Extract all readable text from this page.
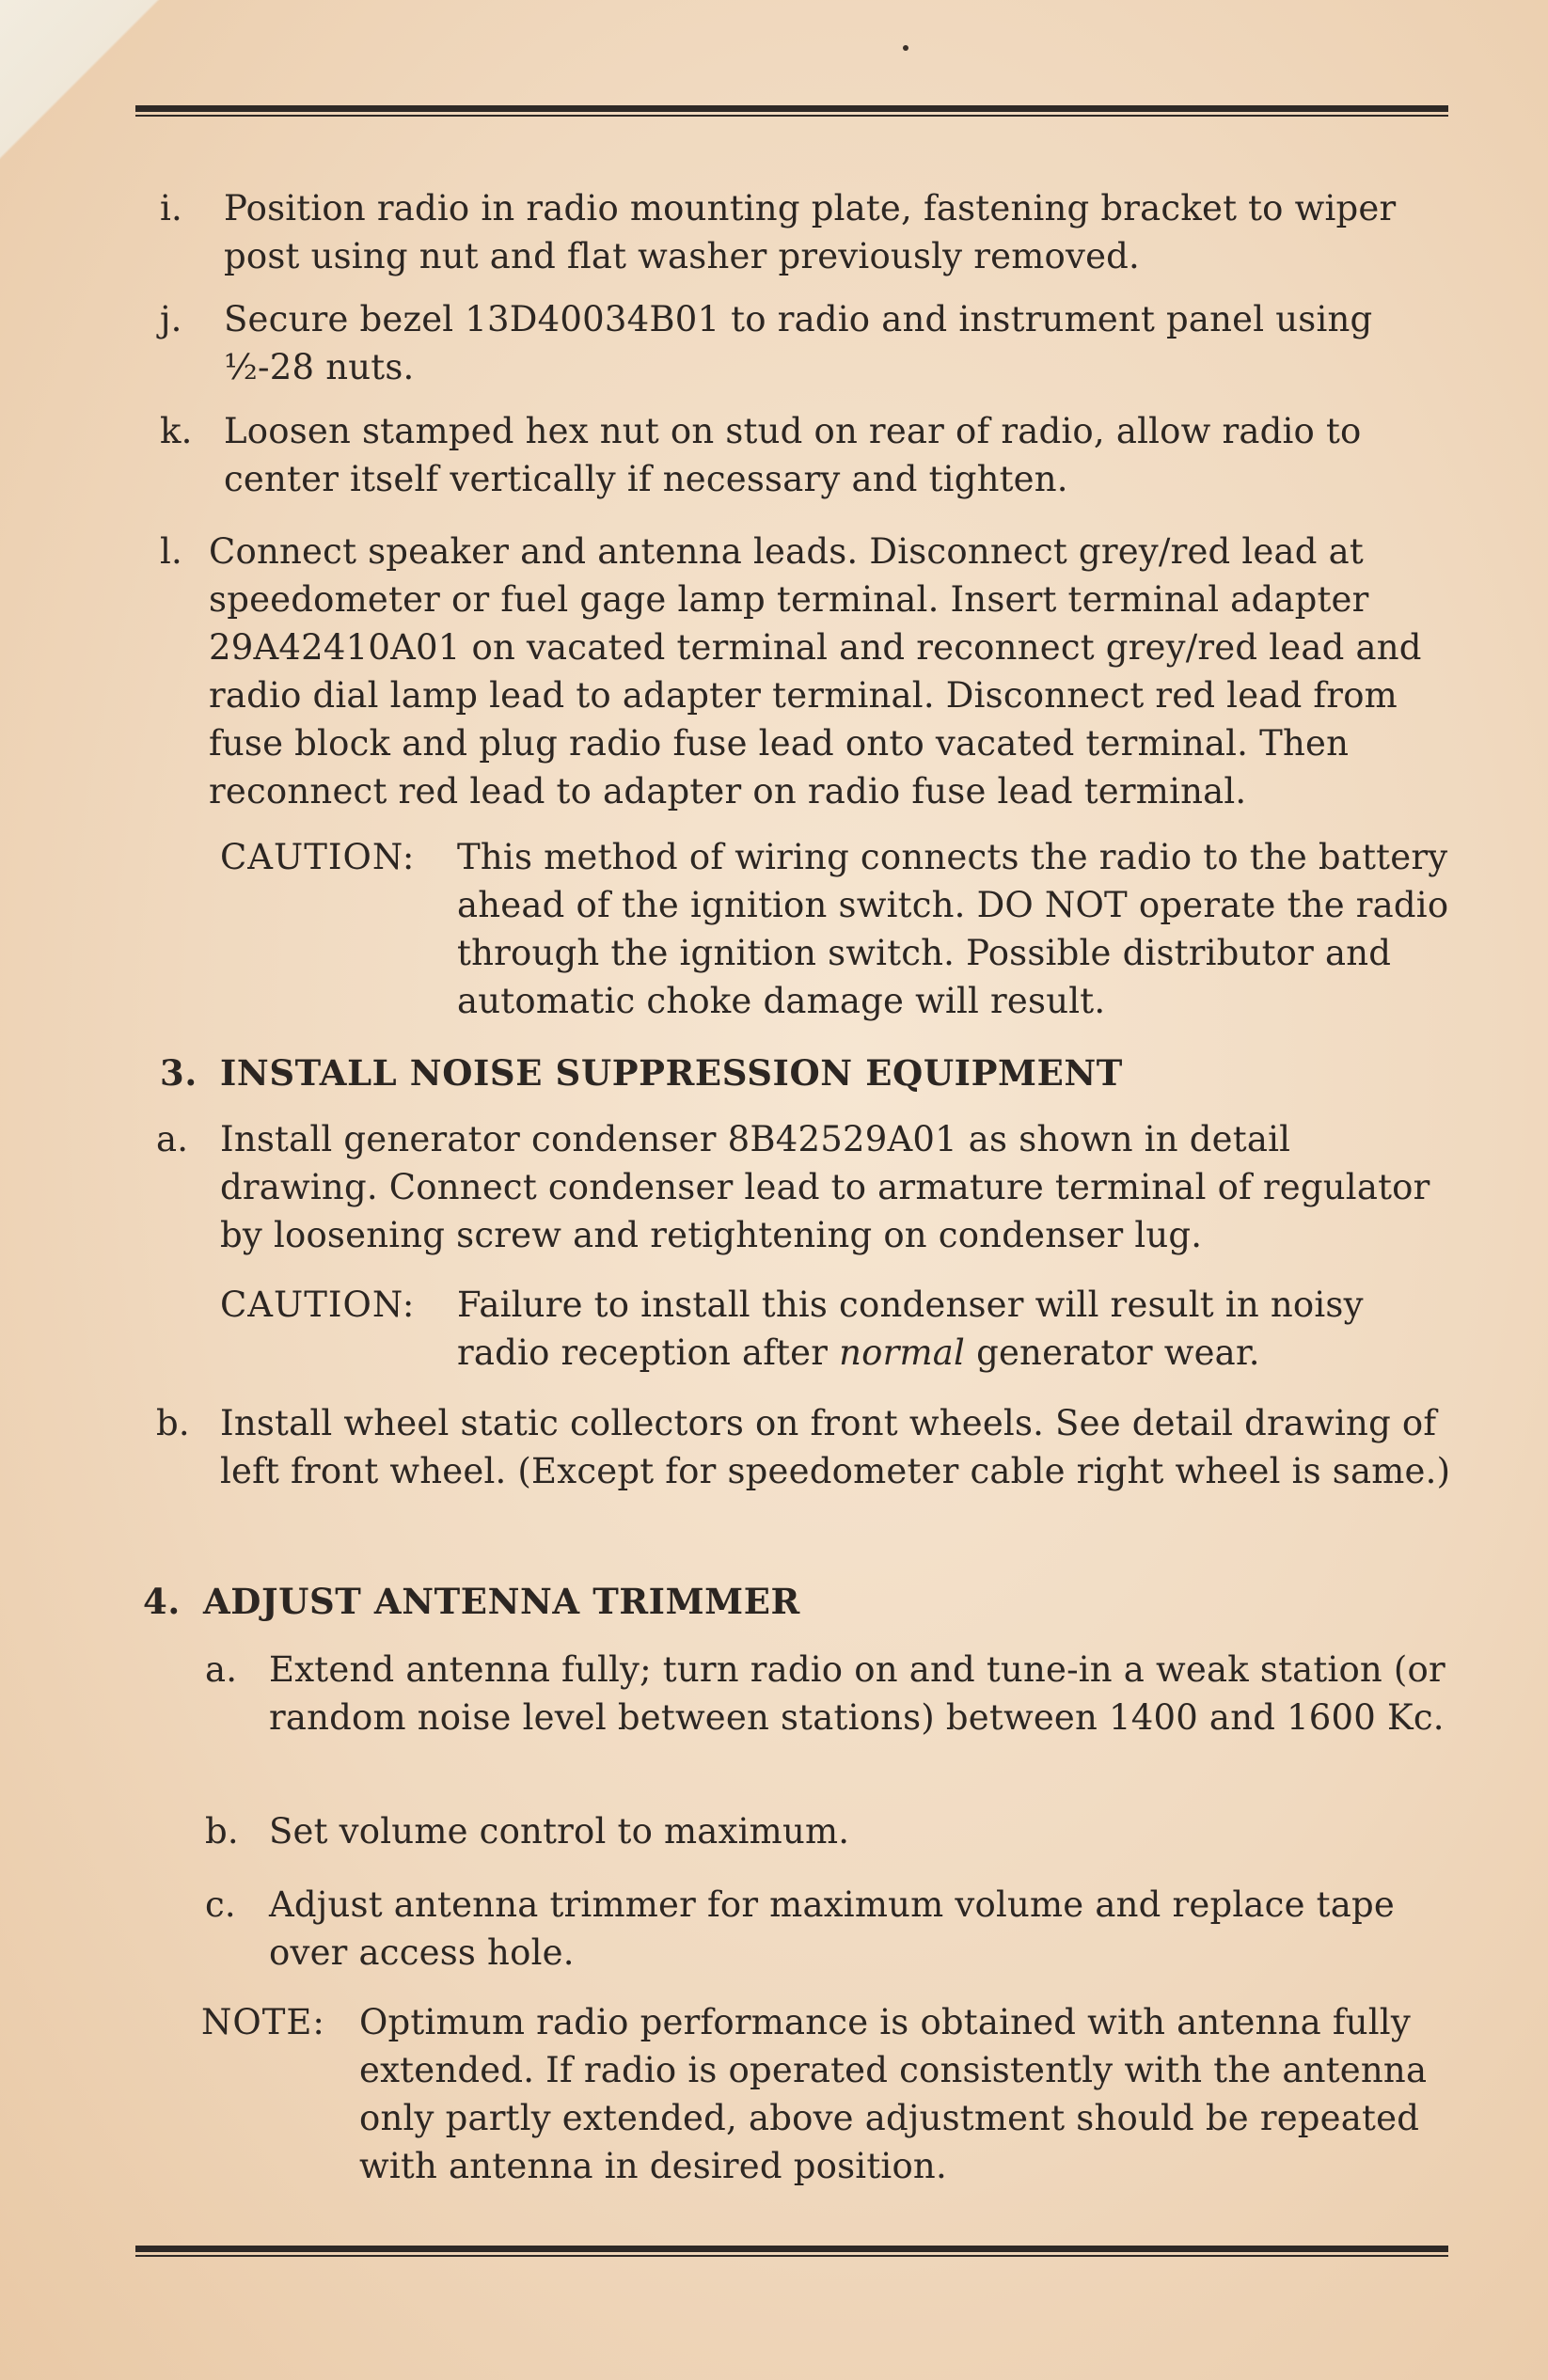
i. Position radio in radio mounting plate, fastening bracket to wiper post using nut and flat washer previously removed.

j. Secure bezel 13D40034B01 to radio and instrument panel using ½-28 nuts.

k. Loosen stamped hex nut on stud on rear of radio, allow radio to center itself vertically if necessary and tighten.

l. Connect speaker and antenna leads. Disconnect grey/red lead at speedometer or fuel gage lamp terminal. Insert terminal adapter 29A42410A01 on vacated terminal and reconnect grey/red lead and radio dial lamp lead to adapter terminal. Disconnect red lead from fuse block and plug radio fuse lead onto vacated terminal. Then reconnect red lead to adapter on radio fuse lead terminal.

CAUTION: This method of wiring connects the radio to the battery ahead of the ignition switch. DO NOT operate the radio through the ignition switch. Possible distributor and automatic choke damage will result.

3. INSTALL NOISE SUPPRESSION EQUIPMENT

a. Install generator condenser 8B42529A01 as shown in detail drawing. Connect condenser lead to armature terminal of regulator by loosening screw and retightening on condenser lug.

CAUTION: Failure to install this condenser will result in noisy radio reception after normal generator wear.

b. Install wheel static collectors on front wheels. See detail drawing of left front wheel. (Except for speedometer cable right wheel is same.)

4. ADJUST ANTENNA TRIMMER

a. Extend antenna fully; turn radio on and tune-in a weak station (or random noise level between stations) between 1400 and 1600 Kc.

b. Set volume control to maximum.

c. Adjust antenna trimmer for maximum volume and replace tape over access hole.

NOTE: Optimum radio performance is obtained with antenna fully extended. If radio is operated consistently with the antenna only partly extended, above adjustment should be repeated with antenna in desired position.
